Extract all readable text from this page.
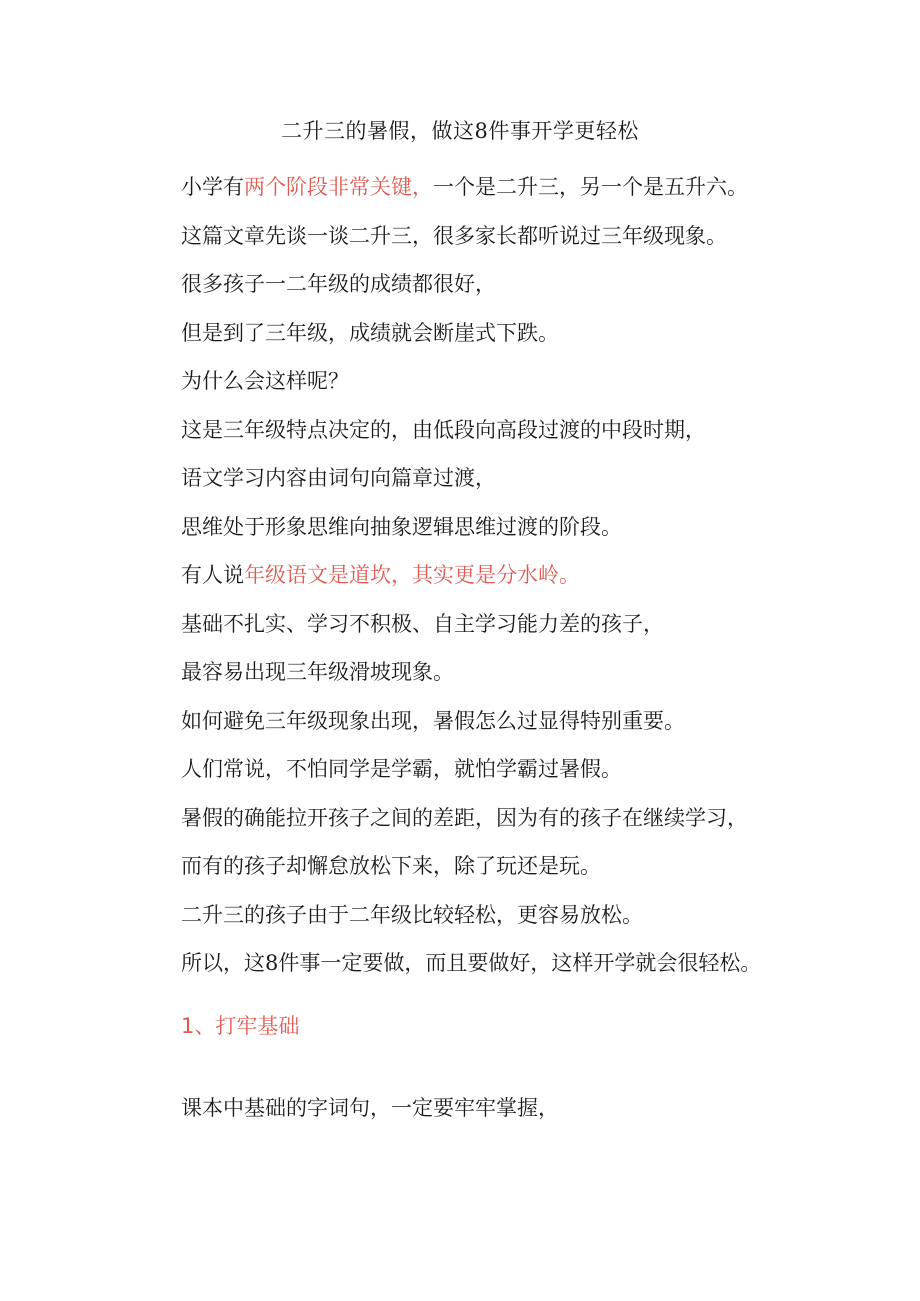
二升三的暑假，做这8件事开学更轻松

小学有两个阶段非常关键，一个是二升三，另一个是五升六。

这篇文章先谈一谈二升三，很多家长都听说过三年级现象。

很多孩子一二年级的成绩都很好，

但是到了三年级，成绩就会断崖式下跌。

为什么会这样呢？

这是三年级特点决定的，由低段向高段过渡的中段时期，

语文学习内容由词句向篇章过渡，

思维处于形象思维向抽象逻辑思维过渡的阶段。

有人说年级语文是道坎，其实更是分水岭。

基础不扎实、学习不积极、自主学习能力差的孩子，

最容易出现三年级滑坡现象。

如何避免三年级现象出现，暑假怎么过显得特别重要。

人们常说，不怕同学是学霸，就怕学霸过暑假。

暑假的确能拉开孩子之间的差距，因为有的孩子在继续学习，

而有的孩子却懈怠放松下来，除了玩还是玩。

二升三的孩子由于二年级比较轻松，更容易放松。

所以，这8件事一定要做，而且要做好，这样开学就会很轻松。

1、打牢基础

课本中基础的字词句，一定要牢牢掌握，
